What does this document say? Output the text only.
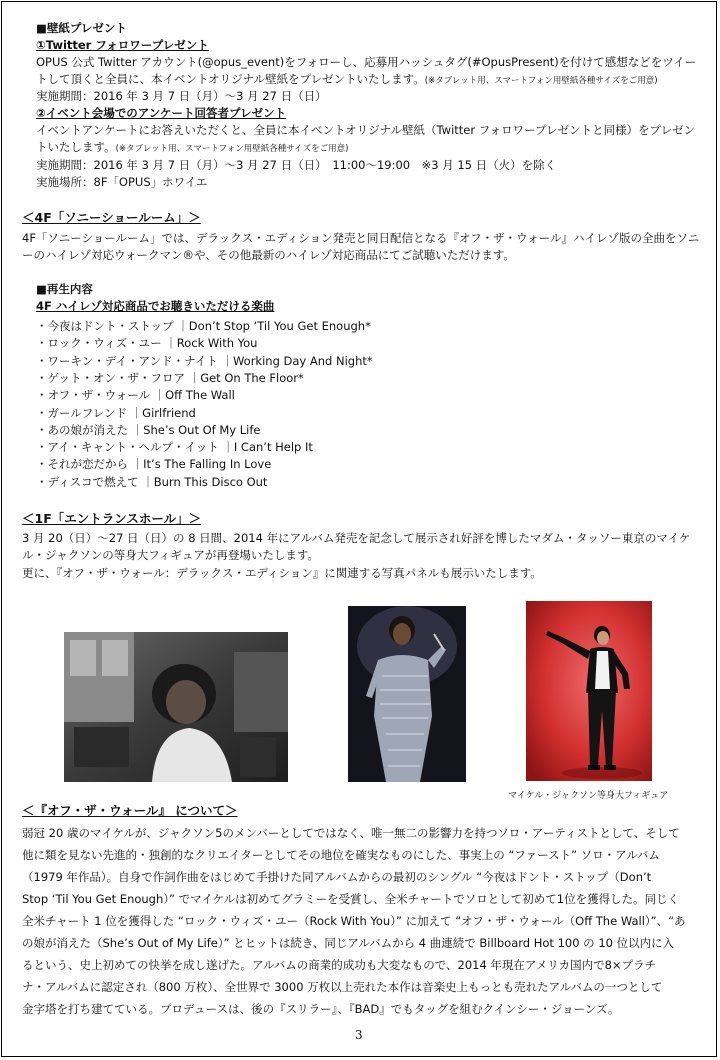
■壁紙プレゼント
①Twitter フォロワープレゼント
OPUS 公式 Twitter アカウント(@opus_event)をフォローし、応募用ハッシュタグ(#OpusPresent)を付けて感想などをツイー
トして頂くと全員に、本イベントオリジナル壁紙をプレゼントいたします。(※タブレット用、スマートフォン用壁紙各種サイズをご用意)
実施期間：2016 年 3 月 7 日（月）～3 月 27 日（日）
②イベント会場でのアンケート回答者プレゼント
イベントアンケートにお答えいただくと、全員に本イベントオリジナル壁紙（Twitter フォロワープレゼントと同様）をプレゼン
トいたします。(※タブレット用、スマートフォン用壁紙各種サイズをご用意)
実施期間：2016 年 3 月 7 日（月）～3 月 27 日（日）　11:00～19:00　※3 月 15 日（火）を除く
実施場所：8F「OPUS」ホワイエ
＜4F「ソニーショールーム」＞
4F「ソニーショールーム」では、デラックス・エディション発売と同日配信となる『オフ・ザ・ウォール』ハイレゾ版の全曲をソニ
ーのハイレゾ対応ウォークマン®や、その他最新のハイレゾ対応商品にてご試聴いただけます。
■再生内容
4F ハイレゾ対応商品でお聴きいただける楽曲
・今夜はドント・ストップ ｜Don’t Stop ‘Til You Get Enough*
・ロック・ウィズ・ユー ｜Rock With You
・ワーキン・デイ・アンド・ナイト ｜Working Day And Night*
・ゲット・オン・ザ・フロア ｜Get On The Floor*
・オフ・ザ・ウォール ｜Off The Wall
・ガールフレンド ｜Girlfriend
・あの娘が消えた ｜She’s Out Of My Life
・アイ・キャント・ヘルプ・イット ｜I Can’t Help It
・それが恋だから ｜It’s The Falling In Love
・ディスコで燃えて ｜Burn This Disco Out
＜1F「エントランスホール」＞
3 月 20（日）～27 日（日）の 8 日間、2014 年にアルバム発売を記念して展示され好評を博したマダム・タッソー東京のマイケ
ル・ジャクソンの等身大フィギュアが再登場いたします。
更に、『オフ・ザ・ウォール：デラックス・エディション』に関連する写真パネルも展示いたします。
マイケル・ジャクソン等身大フィギュア
＜『オフ・ザ・ウォール』 について＞
弱冠 20 歳のマイケルが、ジャクソン5のメンバーとしてではなく、唯一無二の影響力を持つソロ・アーティストとして、そして
他に類を見ない先進的・独創的なクリエイターとしてその地位を確実なものにした、事実上の “ファースト” ソロ・アルバム
（1979 年作品）。自身で作詞作曲をはじめて手掛けた同アルバムからの最初のシングル “今夜はドント・ストップ（Don’t
Stop ‘Til You Get Enough）” でマイケルは初めてグラミーを受賞し、全米チャートでソロとして初めて1位を獲得した。同じく
全米チャート 1 位を獲得した “ロック・ウィズ・ユー（Rock With You）” に加えて “オフ・ザ・ウォール（Off The Wall）”、“あ
の娘が消えた（She’s Out of My Life）” とヒットは続き、同じアルバムから 4 曲連続で Billboard Hot 100 の 10 位以内に入
るという、史上初めての快挙を成し遂げた。アルバムの商業的成功も大変なもので、2014 年現在アメリカ国内で8×プラチ
ナ・アルバムに認定され（800 万枚）、全世界で 3000 万枚以上売れた本作は音楽史上もっとも売れたアルバムの一つとして
金字塔を打ち建てている。プロデュースは、後の『スリラー』、『BAD』でもタッグを組むクインシー・ジョーンズ。
3
